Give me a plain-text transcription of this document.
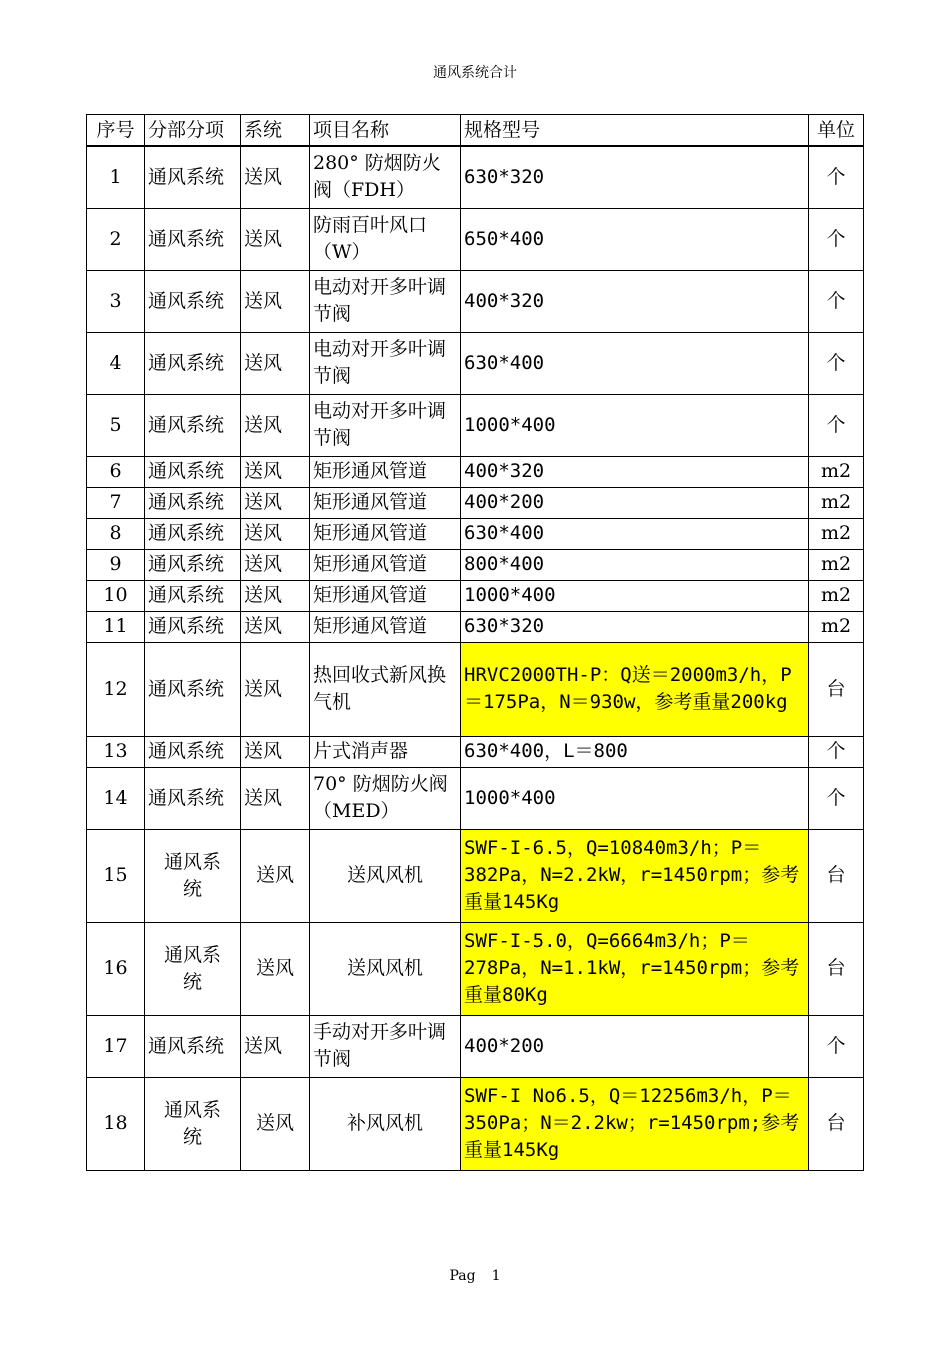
通风系统合计
序号	分部分项	系统	项目名称	规格型号	单位
1	通风系统	送风	280° 防烟防火阀（FDH）	630*320	个
2	通风系统	送风	防雨百叶风口（W）	650*400	个
3	通风系统	送风	电动对开多叶调节阀	400*320	个
4	通风系统	送风	电动对开多叶调节阀	630*400	个
5	通风系统	送风	电动对开多叶调节阀	1000*400	个
6	通风系统	送风	矩形通风管道	400*320	m2
7	通风系统	送风	矩形通风管道	400*200	m2
8	通风系统	送风	矩形通风管道	630*400	m2
9	通风系统	送风	矩形通风管道	800*400	m2
10	通风系统	送风	矩形通风管道	1000*400	m2
11	通风系统	送风	矩形通风管道	630*320	m2
12	通风系统	送风	热回收式新风换气机	HRVC2000TH-P：Q送＝2000m3/h，P＝175Pa，N＝930w，参考重量200kg	台
13	通风系统	送风	片式消声器	630*400，L＝800	个
14	通风系统	送风	70° 防烟防火阀（MED）	1000*400	个
15	通风系统	送风	送风风机	SWF-I-6.5，Q=10840m3/h；P＝382Pa，N=2.2kW，r=1450rpm；参考重量145Kg	台
16	通风系统	送风	送风风机	SWF-I-5.0，Q=6664m3/h；P＝278Pa，N=1.1kW，r=1450rpm；参考重量80Kg	台
17	通风系统	送风	手动对开多叶调节阀	400*200	个
18	通风系统	送风	补风风机	SWF-I No6.5，Q＝12256m3/h，P＝350Pa；N＝2.2kw；r=1450rpm;参考重量145Kg	台
Pag 1
